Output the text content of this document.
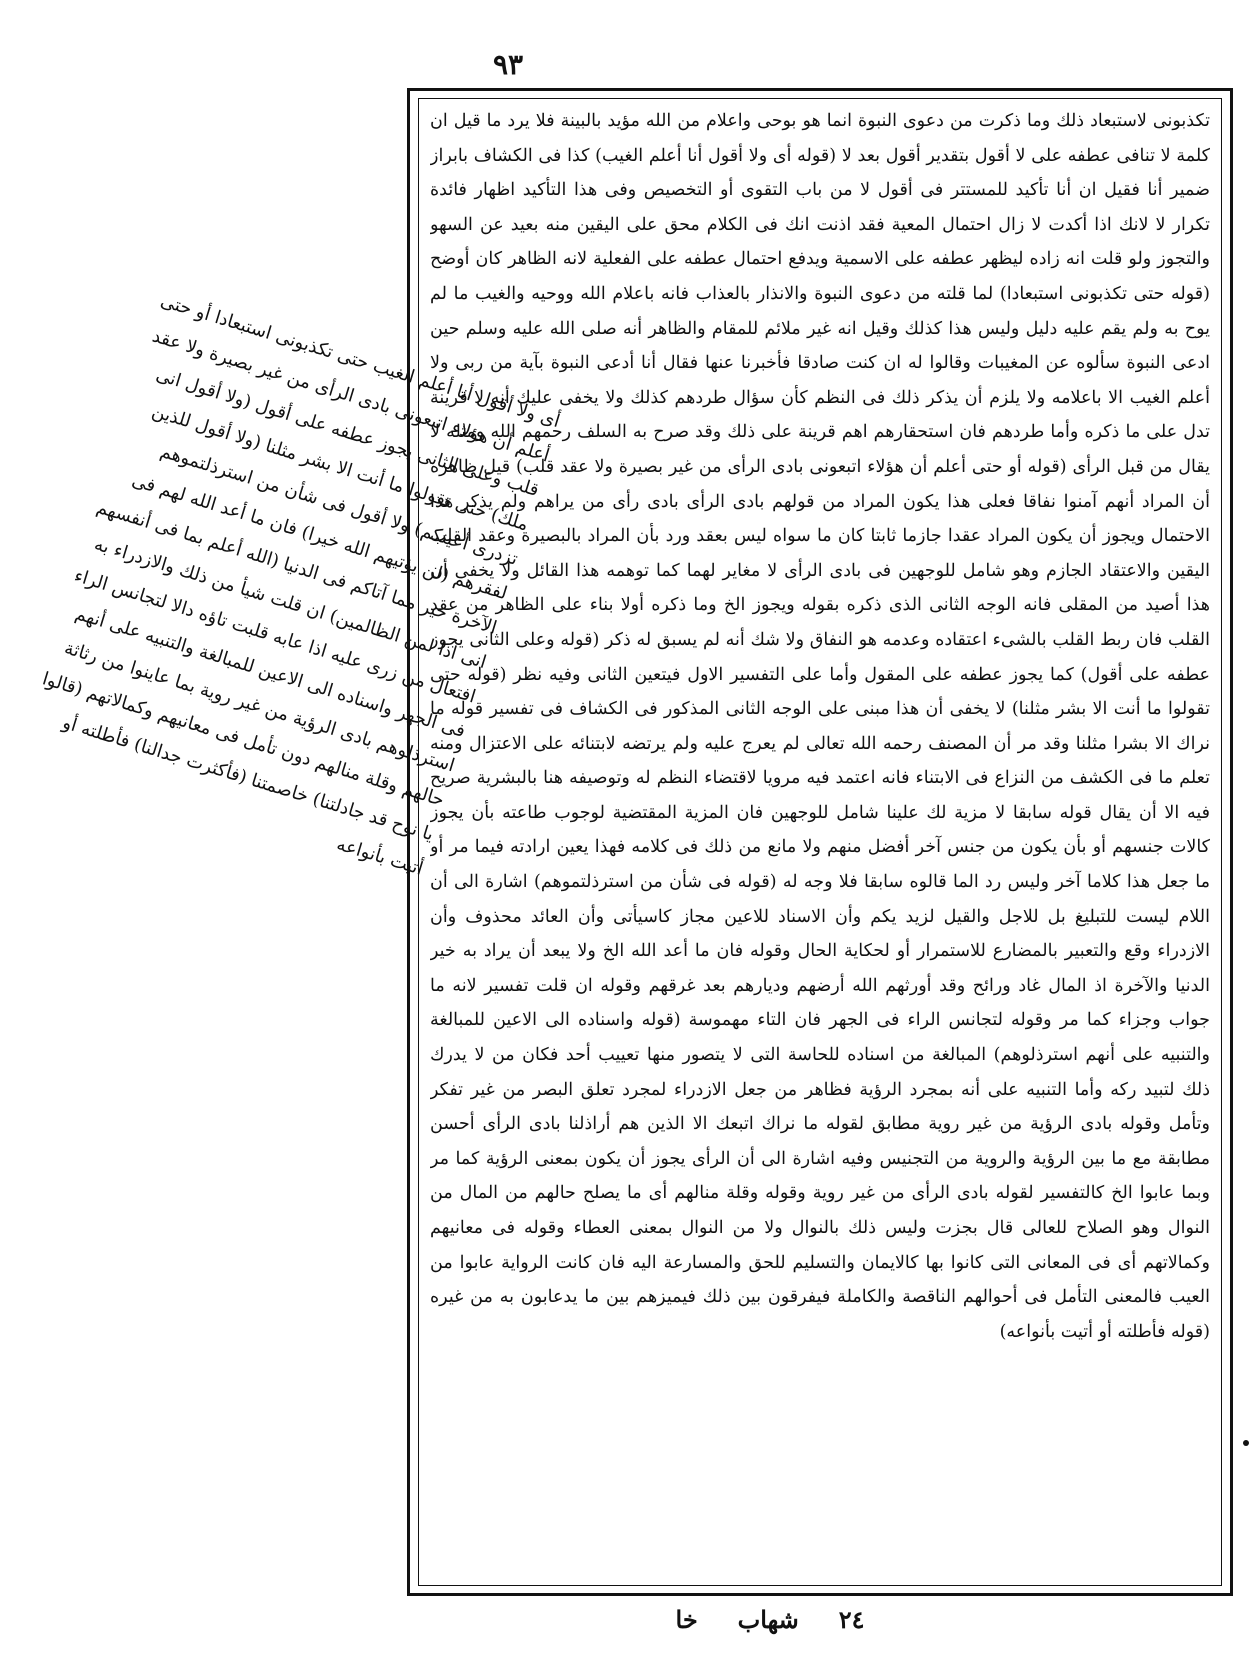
٩٣

تكذبونى لاستبعاد ذلك وما ذكرت من دعوى النبوة انما هو بوحى واعلام من الله مؤيد بالبينة فلا يرد ما قيل ان كلمة لا تنافى عطفه على لا أقول بتقدير أقول بعد لا (قوله أى ولا أقول أنا أعلم الغيب) كذا فى الكشاف بابراز ضمير أنا فقيل ان أنا تأكيد للمستتر فى أقول لا من باب التقوى أو التخصيص وفى هذا التأكيد اظهار فائدة تكرار لا لانك اذا أكدت لا زال احتمال المعية فقد اذنت انك فى الكلام محق على اليقين منه بعيد عن السهو والتجوز ولو قلت انه زاده ليظهر عطفه على الاسمية ويدفع احتمال عطفه على الفعلية لانه الظاهر كان أوضح (قوله حتى تكذبونى استبعادا) لما قلته من دعوى النبوة والانذار بالعذاب فانه باعلام الله ووحيه والغيب ما لم يوح به ولم يقم عليه دليل وليس هذا كذلك وقيل انه غير ملائم للمقام والظاهر أنه صلى الله عليه وسلم حين ادعى النبوة سألوه عن المغيبات وقالوا له ان كنت صادقا فأخبرنا عنها فقال أنا أدعى النبوة بآية من ربى ولا أعلم الغيب الا باعلامه ولا يلزم أن يذكر ذلك فى النظم كأن سؤال طردهم كذلك ولا يخفى عليك أنه لا قرينة تدل على ما ذكره وأما طردهم فان استحقارهم اهم قرينة على ذلك وقد صرح به السلف رحمهم الله ومثله لا يقال من قبل الرأى (قوله أو حتى أعلم أن هؤلاء اتبعونى بادى الرأى من غير بصيرة ولا عقد قلب) قيل ظاهره أن المراد أنهم آمنوا نفاقا فعلى هذا يكون المراد من قولهم بادى الرأى بادى رأى من يراهم ولم يذكر هذا الاحتمال ويجوز أن يكون المراد عقدا جازما ثابتا كان ما سواه ليس بعقد ورد بأن المراد بالبصيرة وعقد القلب اليقين والاعتقاد الجازم وهو شامل للوجهين فى بادى الرأى لا مغاير لهما كما توهمه هذا القائل ولا يخفى أن هذا أصيد من المقلى فانه الوجه الثانى الذى ذكره بقوله ويجوز الخ وما ذكره أولا بناء على الظاهر من عقد القلب فان ربط القلب بالشىء اعتقاده وعدمه هو النفاق ولا شك أنه لم يسبق له ذكر (قوله وعلى الثانى يجوز عطفه على أقول) كما يجوز عطفه على المقول وأما على التفسير الاول فيتعين الثانى وفيه نظر (قوله حتى تقولوا ما أنت الا بشر مثلنا) لا يخفى أن هذا مبنى على الوجه الثانى المذكور فى الكشاف فى تفسير قوله ما نراك الا بشرا مثلنا وقد مر أن المصنف رحمه الله تعالى لم يعرج عليه ولم يرتضه لابتنائه على الاعتزال ومنه تعلم ما فى الكشف من النزاع فى الابتناء فانه اعتمد فيه مرويا لاقتضاء النظم له وتوصيفه هنا بالبشرية صريح فيه الا أن يقال قوله سابقا لا مزية لك علينا شامل للوجهين فان المزية المقتضية لوجوب طاعته بأن يجوز كالات جنسهم أو بأن يكون من جنس آخر أفضل منهم ولا مانع من ذلك فى كلامه فهذا يعين ارادته فيما مر أو ما جعل هذا كلاما آخر وليس رد الما قالوه سابقا فلا وجه له (قوله فى شأن من استرذلتموهم) اشارة الى أن اللام ليست للتبليغ بل للاجل والقيل لزيد يكم وأن الاسناد للاعين مجاز كاسيأتى وأن العائد محذوف وأن الازدراء وقع والتعبير بالمضارع للاستمرار أو لحكاية الحال وقوله فان ما أعد الله الخ ولا يبعد أن يراد به خير الدنيا والآخرة اذ المال غاد ورائح وقد أورثهم الله أرضهم وديارهم بعد غرقهم وقوله ان قلت تفسير لانه ما جواب وجزاء كما مر وقوله لتجانس الراء فى الجهر فان التاء مهموسة (قوله واسناده الى الاعين للمبالغة والتنبيه على أنهم استرذلوهم) المبالغة من اسناده للحاسة التى لا يتصور منها تعييب أحد فكان من لا يدرك ذلك لتبيد ركه وأما التنبيه على أنه بمجرد الرؤية فظاهر من جعل الازدراء لمجرد تعلق البصر من غير تفكر وتأمل وقوله بادى الرؤية من غير روية مطابق لقوله ما نراك اتبعك الا الذين هم أراذلنا بادى الرأى أحسن مطابقة مع ما بين الرؤية والروية من التجنيس وفيه اشارة الى أن الرأى يجوز أن يكون بمعنى الرؤية كما مر وبما عابوا الخ كالتفسير لقوله بادى الرأى من غير روية وقوله وقلة منالهم أى ما يصلح حالهم من المال من النوال وهو الصلاح للعالى قال بجزت وليس ذلك بالنوال ولا من النوال بمعنى العطاء وقوله فى معانيهم وكمالاتهم أى فى المعانى التى كانوا بها كالايمان والتسليم للحق والمسارعة اليه فان كانت الرواية عابوا من العيب فالمعنى التأمل فى أحوالهم الناقصة والكاملة فيفرقون بين ذلك فيميزهم بين ما يدعابون به من غيره (قوله فأطلته أو أتيت بأنواعه)

أى ولا أقول أنا أعلم الغيب حتى تكذبونى استبعادا أو حتى أعلم أن هؤلاء اتبعونى بادى الرأى من غير بصيرة ولا عقد قلب وعلى الثانى يجوز عطفه على أقول (ولا أقول انى ملك) حتى تقولوا ما أنت الا بشر مثلنا (ولا أقول للذين تزدرى أعينكم) ولا أقول فى شأن من استرذلتموهم لفقرهم (لن يؤتيهم الله خيرا) فان ما أعد الله لهم فى الآخرة خير مما آتاكم فى الدنيا (الله أعلم بما فى أنفسهم انى اذا لمن الظالمين) ان قلت شيأ من ذلك والازدراء به افتعال من زرى عليه اذا عابه قلبت تاؤه دالا لتجانس الراء فى الجهر واسناده الى الاعين للمبالغة والتنبيه على أنهم استرذلوهم بادى الرؤية من غير روية بما عاينوا من رثاثة حالهم وقلة منالهم دون تأمل فى معانيهم وكمالاتهم (قالوا يا نوح قد جادلتنا) خاصمتنا (فأكثرت جدالنا) فأطلته أو أتيت بأنواعه

٢٤
شهاب
خا
